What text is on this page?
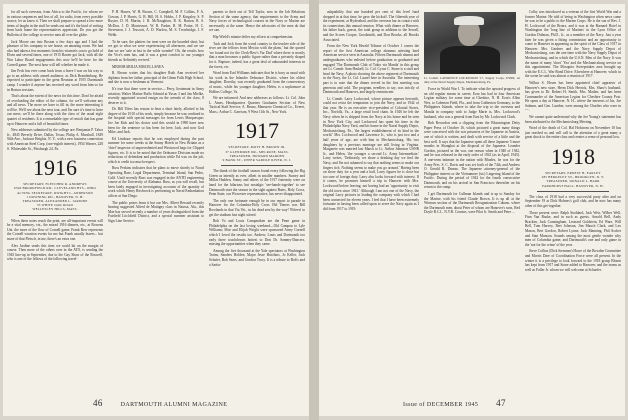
for all such overseas, from Africa to the Pacific, for whom we in various sequences and less of all, for radio, from every possible source, let us know it. Then we shall prepare to spread a few more items of laughs in the stuff he sends out and it's the kind of writing from back home the representatives appreciate. Do you get the Bulletin of the college to service men all over the globe.

Jack Moore ran into Boston a few days ago and I had the pleasure of his company to see house, an amazing room. We had also had taken a few moments from his vitamin's son to go hold of Elsen and several times, one of 1915 Baxter got Jack, with all the War Labor Board engagements this now he'll be here for the Cornell game. The next hour will tell whether he made it.

Jim Peck has ever come back from a leave I was on his way to go to an address with armed audience, as Dick Brandenburg. He expected to participate in the great Reunion at 1955 Dartmouth camp. I wonder if anyone has received any word from him so far in Boston sessions.

That's about the extent of the news for this time. Don't be afraid of overloading the editor of the column, for we'll welcome any and all news. The more we have to fill in, the more interesting it will be. We'll see about the next tour, and I'm sure it's time to have our mess; we'll be there along with the class of the usual eight quartet of residents. It is a remarkable type of ravioli that has gone up to Hanover and a full of beautiful times.

New addresses submitted by the college are: Benjamin P. Tabor Jr., 4845 Beverly Drive, Dallas, Texas; Philip A. Marshall, 1849 94th Ave., Jackson Heights, N. Y., with a new business connection with American Steel Corp. (one-eighth interest), 1954 Warner, 228 S. Whitesdale St., Pittsburgh 24, Pa.

1916
SECRETARY, FLETCHER R. ANDREWS
6540 BROOKFIELD RD., CLEVELAND HTS., OHIO
ACTING SECRETARY, DWIGHT L. ANDERSON
1 DOWNING RD., HANOVER, N. H.
TREASURER, ALEXANDER L. JARDINE
35 WHITE OAK ROAD
WELLESLEY HILLS, MASS.

When these notes reach the print, are all-important events will be a vital memory, viz., the mixed 1916 dinners, etc., at Bowens Uni. the more of the flow of Cornell game. Frank Rew represents the Cornell vacation events for me but Frank usually leaves... but more of that Fleisch, in tne, there's an extra one.

Alex Jardine sends this item we could hit on the margin of course. Then more of the others over in the ATO, is sending the 1945 line-up in September, due to the Gay Shaw of the Roswell, who is one of the fellows of the following travel-

P. H. Hawes, W. H. Brown, C. Campbell, M. F. Collins, F. A. Gowan, J. P. Harris, G. B. Hill, H. S. Hobbs, J. P. Kingsley, S. P. Ruyter, D. H. Martin, J. R. McNaughton, R. K. Barton, R. S. McDon, J. D. Montessori, W. R. Parker, R. M. Potter, H. C. Stevenson, J. J. Truscott, A. D. Warlow, M. S. Trowbridge, J. F. Webb.

To be sure, the platters for treat were on the boarded short, but we got to what we were experiencing all afternoon, and we see that we are 'safe at last in the wilds wonder!' Oh, the results how the Vice's men has, and it was a great comfort to our younger friends as 'definitely revived.'

MEMORABILIA MISCELLANEA

R. Brown writes that his daughter Ruth Ann received her diploma from her father, principal of the Glenn Falls High School, and she is now a freshman at Vermont.

It's true that there were in service— Perry, lieutenant in Army aviation; Walter Marine Raffo Schmid at Yusus 3 and Jan Mielke, recently appointed second ensign on the avenals of the class, 8 deserve to it.

Dr. Bill Tilers has reason to hear a short lately, allotted to his degree of the 1010 of his work, simply because he was confined to the hospital with special messages for from Lewis Marquesque; Joe Joe Kirk and his doctor said this would in 1998 have now been for the sentence so has been for here, Jack, and now God Mike, and Jack.

Ed Lindsaor reports that he was employed during the past summer for some weeks at the Sunny Hotels in New Britain as a 'chief' inspector of unprecedented and Westwood bags for Clipped figures, etc. It is to be noted that the Ordnance Division made no reductions of defendant and production while Ed was on the job, which is credit too much respect.

Russ Perkins indicates that he plans to move shortly to Naval Operating Base, Legal Department, Terminal Island, San Pedro, Calif. Until recently Russ was engaged in the ANTD engineering course at the University of Alabama. Russ, as you will recall, has been lately engaged in investigating accounts of the quantity of work which Henry Birchrock is performing as Naval Embarkation officer at San Diego.

The public prizes learn it but our Mrs. Albert Bessaid recently hearing suggested Alfred de Mattigny class in Naussa, Ala., this Mae has served recently a number of years distinguished from the Fairfield Litchfield District, and a special summer assistant to Sign Line Service.

parents to their out of Tell Taylor, now in the Job Relations Section of the same agency, that requirements to the Army and Navy forces of technological courses in the Navy or Marine are necessarily at the same. Hence the advocates of the men do that we can.

Hip Wield's minute defies my efforts at comprehension.

'Jack and Jock from the wood country to the teacher side of the river are the fellows from Mexico with the plans,' but the quoted 'we found not for the Clerk-Rew's Yar Dad' where there is mostly that a man becomes a public figure rather than a privately shaped for it. Rapture, indeed, has a great deal of unbounded interests in the forest, etc.

Word from Earl Williams indicates that he is busy as usual with his work in the Inlander Ordnance District, where his oldest daughter, Dorothy, was recently graduated from the conservatory of music, while his younger daughter, Helen, is a sophomore at Hollins College, Va.

We are informed: And new addresses as follows: Lt. Col. John L. Ames, Headquarters Quarters Graduates Section of New Tactical Staff Service; A. Bruno, Mansueto Chemical Co., Everet, Mass.; Arthur C. Garrison, 9 West 11th St., New York.

1917
SECRETARY, MOTT H. BROWN JR.
37 GLENMORE DR., MELROSE, MASS.
TREASURER, HOWARD MARDEN
9 BANK ST., UPPER SADDLE RIVER, N. J.

The thank of the football season found every following the Big Green as intently as ever, albeit in smaller numbers. Stoney and Millar Hadden, Sonny and others of the 1917 fraternity were on hand for the hilarious but nostalgic 'see-hands-together' to see Dartmouth start the season in the sight against Bates, Holy Cross, Penn State; our Worcester representative, has never disappointed.

The only one fortunate enough be in our report to parade in Hanover for the Columbia-Holy Cross Old Timers was Bill Rowlands in that Via Vet., in his dead zest by the way! 'Fifteen' to get the stadium fast night stirred.

Bob Vo and Louis Campaniken are the Penn game in Philadelphia on the last loving weekend—Old Campau to Lyle Williams; Moe and Elijah Wright were sponsored Army Cornell which I loved the results too. Andrew, Louis and Dartmouth too early three touchdowns hottest to Don Dr. Sammy-Dancers, missing the opportunities when they came.

Among the five thousand at the Yale spectators at Washington Trains, Sanders Holden, Major Jesse Hutchins, Jo Keller, Jack Schafer, Bob Sears, and Gordon Tracy. It is a tribute to Bob's and a Sarita-

46	DARTMOUTH ALUMNI MAGAZINE

adaptability that one hundred per cent of this level fund dropped in at that time, he gave the kickoff. The fifteenth year of the experiment, at Hyderabad, and the overseas bar in contact with its connections this annual reunion. What with dinner at Hanover, his father back, guests, the total group in addition to the Sewall, and the Scores Cooper, Goodsmith, and Don Brooks, all Brooks Associated.

From the New York Herald Tribune of October 1 comes the report of the first American college alumnus attesting hard American service seen in Australia. Fifteen Dartmouth alumni and undergraduates who enlisted before graduation or graduated and engaged 'The Dartmouth Club of Tokio via Manila' in this group are Lt. Comdr. Sam Haskell, Lt. Col. Cyrus C. Stone is a staff and head the Navy. A photo showing the above regiment of Dartmouth in the Navy, the Lt. Col. Laurel here in Australia. The interesting part is to note that the dinner served in the first meeting was generous and cold. The program, needless to say, was strictly of Dartmouth and Hanover, and largely reminiscent.

Lt. Comdr. Larry Lockwood, whose picture appears herewith, could not resist the temptation to join the Navy, and in 1942 of that year. He is an executive vice-president of Colonial Stores, Inc., Norfolk, Va., a large retail food chain. In 1926 he left the Navy when he is shipped from the Navy at his home and be seen in New York City, and Lockwood has spent his time in the Philadelphia Navy Yard, and his home in the Naval Supply Depot, Mechanicsburg, Pa., 'the largest establishment of its kind in the world.' Mrs. Lockwood and Lawrence Jr., who is just two and a half years of age, are with him in Mechanicsburg. His two daughters by a previous marriage are still living in Virginia. Margarete was married last March to Lt. Arthur Johnston USNR Jr., and Helen, 'the younger a second Lt. Army Intermediate.' Larry writes, 'Ordinarily, we share a drinking day we find the Navy, and I'm not ashamed to say that nothing seems to make our fingers itch. Nothing seems to make you go around.' Having been on shore duty for a year and a half, Larry figures he is close but too sure of foreign duty. Larry also looks forward with interest. If it comes, he promises himself a trip to Hanover with Mrs. Lockwood before leaving, not having had an 'opportunity to visit the old town since 1941.' Although I am not one of the Navy, the original Larry pictures in leading the company with which I had been connected for eleven years. I feel that I have been extremely fortunate in having been called upon to serve the Navy again as I did from 1917 to 1919.

Lt. Comdr. LAWRENCE LOCKWOOD '17, Supply Corps, USNR, on duty at the Naval Supply Depot, Mechanicsburg, Pa.

Force in World War I. To indicate what the upward progress of an old regular means in career, Ezra has had in four American Legion military for some time at Cheshire, N. H. Ezra's Allen Wes, to Caberton Field, Fla., and from Cabberton Germany, to the Philippines Islands, where to take the trip to the overseas and Manila in company with to Judge Marie is, Mrs. Lockwood's husband, who was a general from East by Mr. Lockwood Clark.

Bob Recordon sent a clipping from the Bloomington Deity Paper Press of October 16, which pictured a great many things were conceived with the war prisoners of the Japanese in Austria, one of which is written, and dealt with service of a little and the best well. It says that the Japanese spent all these Japanese 5 more months in Shanghai at the disposal of the Japanese. Leander Gordon, pictured in the war, one reason when in 1940 of 1942, and he was released in the early order of 1941 (as in April, 1945). A one-term intimate in the nation with Rhodes, he was for the Army Pres. S. C. Davis and was set forth of the 74th, and Andrew O. Gerald R. Dumas. The Japanese attorney-general of the Philippine interest or the Vietnamese (sic) Lingering Island of the Pacific. During the period of 1942 for the fourth consecutive Dartmouth, and on his arrival in San Francisco thereafter on his return to the camp.

I get Dartmouth for Cullman Islands and is up to Sunday for the Marine, with his friend Claude Brown. It is up all at the Wintrun section of the Dartmouth Reorganization Cubans, where the Dartmouth men, about Peter of whom are Hanover's sons, Red Doyle B.C.L. N.Y.R. Cousins, were Pilot Jr. Smith and Peter ...

Colby was introduced as a veteran of the first World War and a former Marine. He told of being in Washington when news came he was to be a public to the Marine Corps. He is the son of Rev. J. H. Lockwood of the Bronx, and it was at the Barnard Hotel in Washington the 'long line of Marines' in the Lyon Office of Gordon Dolman, Ph.D., Jr., as a member of the Navy. Just a year later he was given a fitting commission and an opportunity to come to Hanover in appearing as the spirit of the Class of 1917 in Hanover. Mrs. Gardner and the Navy Supply Depot of Mechanicsburg, was the one time with the Navy Supply Depot of Mechanicsburg, and in which the U.S.N. Men of the Navy. It was the name of many 'short' 'Yea' and the Mechanicsburg service on this appointment. The Mosquito Sweepstakes area brought up with the E.C.L. War Bond Drive. Elsewhere at Hanover, which in the scene he said was almost a reunion of 1917.

Wilbur S. Ebsen has been appointed chief appraiser of Hanover's new store, Herm Dick Herrick, Mrs. Shaw's husband, has given to Dr. Robert H. Smith, Mrs. Mather, and has been Commander of the American Legion for Cheshire County Post. He spent a day at Hanover, N. H., where the interests of his, Joe Salmon, and Geo. Lumber, were among the Charlies who were in ---.

We cannot quite understand why the Joe Young's statement has been attributed to the Mechanicsburg Meeting.

Word of the death of Col. Hal Holstrom on November 10 has just reached us and will call to the attention of a great many a great shock to the entire class and creates a sense of personal loss.

1918
SECRETARY, ERNEST H. EARLEY
285 BERKELEY ST., BROOKLYN, N. Y.
TREASURER, DONALD L. BARR
PARKHURST HALL, HANOVER, N. H.

The class of 1918 had a very successful party after and on September 19 at Dick Holmes's golf club, and he now has many other of this get-together.

Those present were: Ralph Stoddard, Jack Weir, Wilber Well, Finn Van Buske, and in such as guests. Arnold Bell, Andy Bracken, Jack Cunningham, Leonard Goldstein, Ed Ware, Will Bell, Tom Harvey, Bert Johnson, Jim Mauch Clark, and Leo Mason, Bert Gordon, Robert Lynne, Jack Manning, Phil Ascher and Stan Munson. Sounds among the most gentle wonder why men of Columbia game; and Dartmouth's one and only game in the 'not for the crime' of the year.

Steve Collins (Dick Stemmer) Howe of the Bowden Committee and Morris Dare of Coordination Force were all present. In the winter it is a privilege to look forward to the 1918 group Blount has kept from 1917 and Stone added to Hanover, and the teams as well as Fuller Jr. whom we will welcome at Schaefer.

Issue of DECEMBER 1945 47
